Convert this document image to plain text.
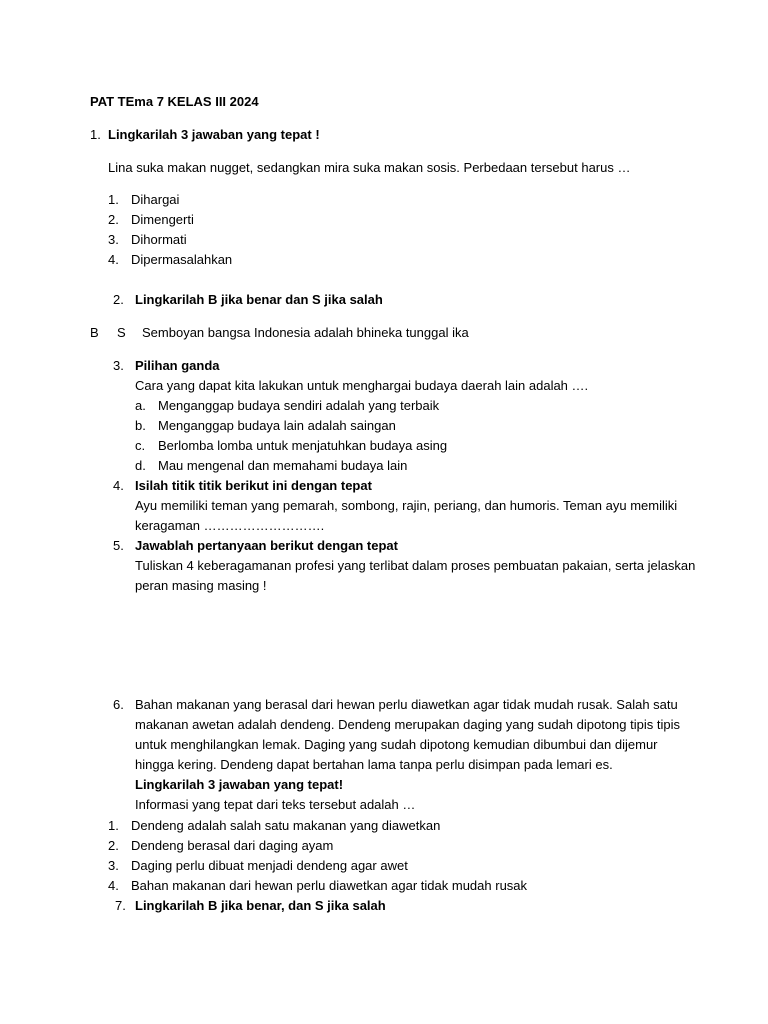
PAT TEma 7 KELAS III 2024
1. Lingkarilah 3 jawaban yang tepat !
Lina suka makan nugget, sedangkan mira suka makan sosis. Perbedaan tersebut harus …
1. Dihargai
2. Dimengerti
3. Dihormati
4. Dipermasalahkan
2. Lingkarilah B jika benar dan S jika salah
B S Semboyan bangsa Indonesia adalah bhineka tunggal ika
3. Pilihan ganda
Cara yang dapat kita lakukan untuk menghargai budaya daerah lain adalah ….
a. Menganggap budaya sendiri adalah yang terbaik
b. Menganggap budaya lain adalah saingan
c. Berlomba lomba untuk menjatuhkan budaya asing
d. Mau mengenal dan memahami budaya lain
4. Isilah titik titik berikut ini dengan tepat
Ayu memiliki teman yang pemarah, sombong, rajin, periang, dan humoris. Teman ayu memiliki
keragaman ……………………….
5. Jawablah pertanyaan berikut dengan tepat
Tuliskan 4 keberagamanan profesi yang terlibat dalam proses pembuatan pakaian, serta jelaskan
peran masing masing !
6. Bahan makanan yang berasal dari hewan perlu diawetkan agar tidak mudah rusak. Salah satu
makanan awetan adalah dendeng. Dendeng merupakan daging yang sudah dipotong tipis tipis
untuk menghilangkan lemak. Daging yang sudah dipotong kemudian dibumbui dan dijemur
hingga kering. Dendeng dapat bertahan lama tanpa perlu disimpan pada lemari es.
Lingkarilah 3 jawaban yang tepat!
Informasi yang tepat dari teks tersebut adalah …
1. Dendeng adalah salah satu makanan yang diawetkan
2. Dendeng berasal dari daging ayam
3. Daging perlu dibuat menjadi dendeng agar awet
4. Bahan makanan dari hewan perlu diawetkan agar tidak mudah rusak
7. Lingkarilah B jika benar, dan S jika salah
